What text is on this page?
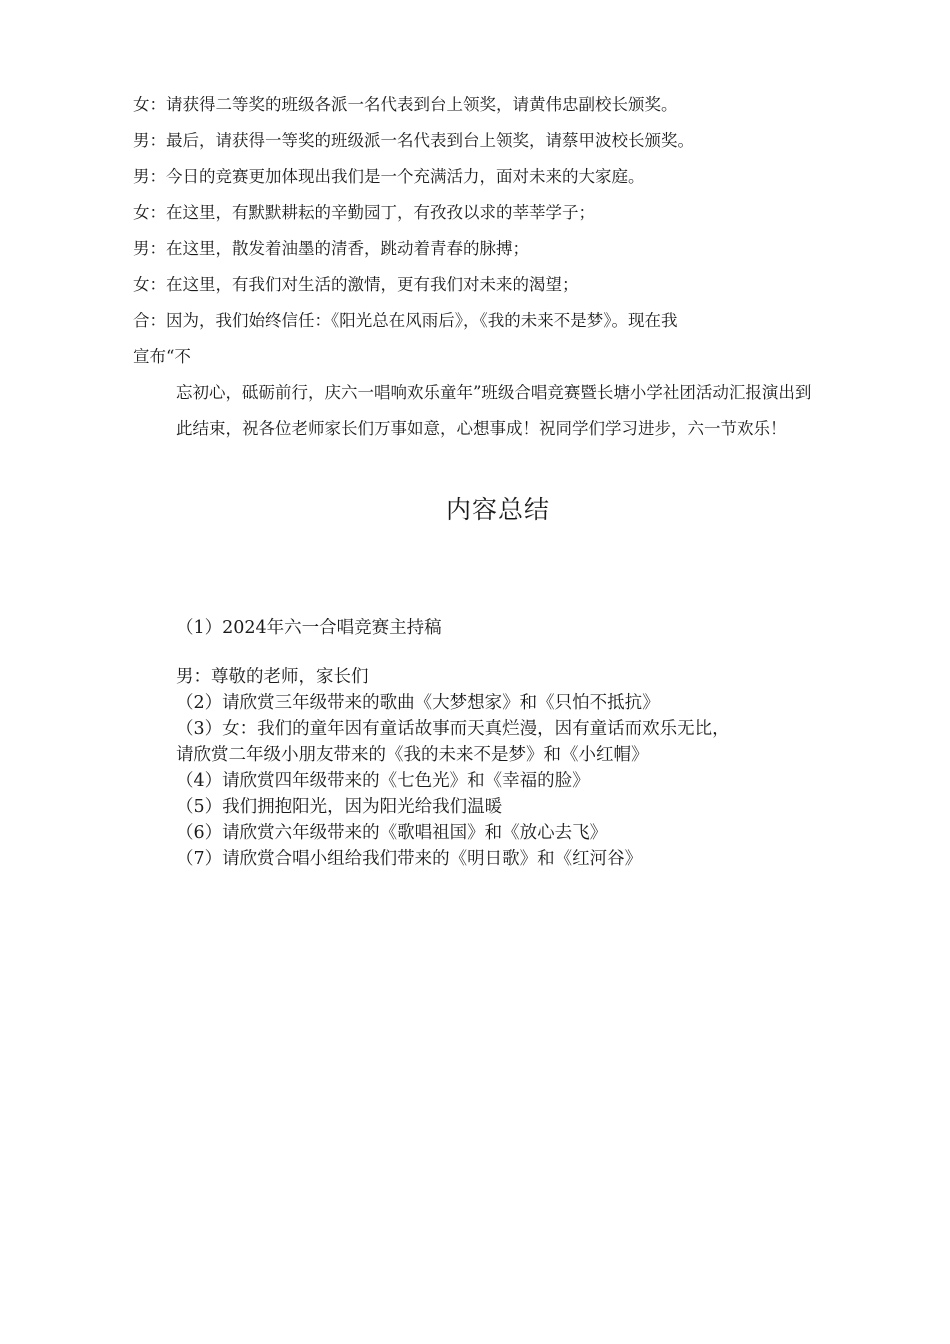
女：请获得二等奖的班级各派一名代表到台上领奖，请黄伟忠副校长颁奖。
男：最后，请获得一等奖的班级派一名代表到台上领奖，请蔡甲波校长颁奖。
男：今日的竞赛更加体现出我们是一个充满活力，面对未来的大家庭。
女：在这里，有默默耕耘的辛勤园丁，有孜孜以求的莘莘学子；
男：在这里，散发着油墨的清香，跳动着青春的脉搏；
女：在这里，有我们对生活的激情，更有我们对未来的渴望；
合：因为，我们始终信任：《阳光总在风雨后》，《我的未来不是梦》。现在我
宣布“不
忘初心，砥砺前行，庆六一唱响欢乐童年”班级合唱竞赛暨长塘小学社团活动汇报演出到此结束，祝各位老师家长们万事如意，心想事成！祝同学们学习进步，六一节欢乐！
内容总结
（1）2024年六一合唱竞赛主持稿
男：尊敬的老师，家长们
（2）请欣赏三年级带来的歌曲《大梦想家》和《只怕不抵抗》
（3）女：我们的童年因有童话故事而天真烂漫，因有童话而欢乐无比，
请欣赏二年级小朋友带来的《我的未来不是梦》和《小红帽》
（4）请欣赏四年级带来的《七色光》和《幸福的脸》
（5）我们拥抱阳光，因为阳光给我们温暖
（6）请欣赏六年级带来的《歌唱祖国》和《放心去飞》
（7）请欣赏合唱小组给我们带来的《明日歌》和《红河谷》
